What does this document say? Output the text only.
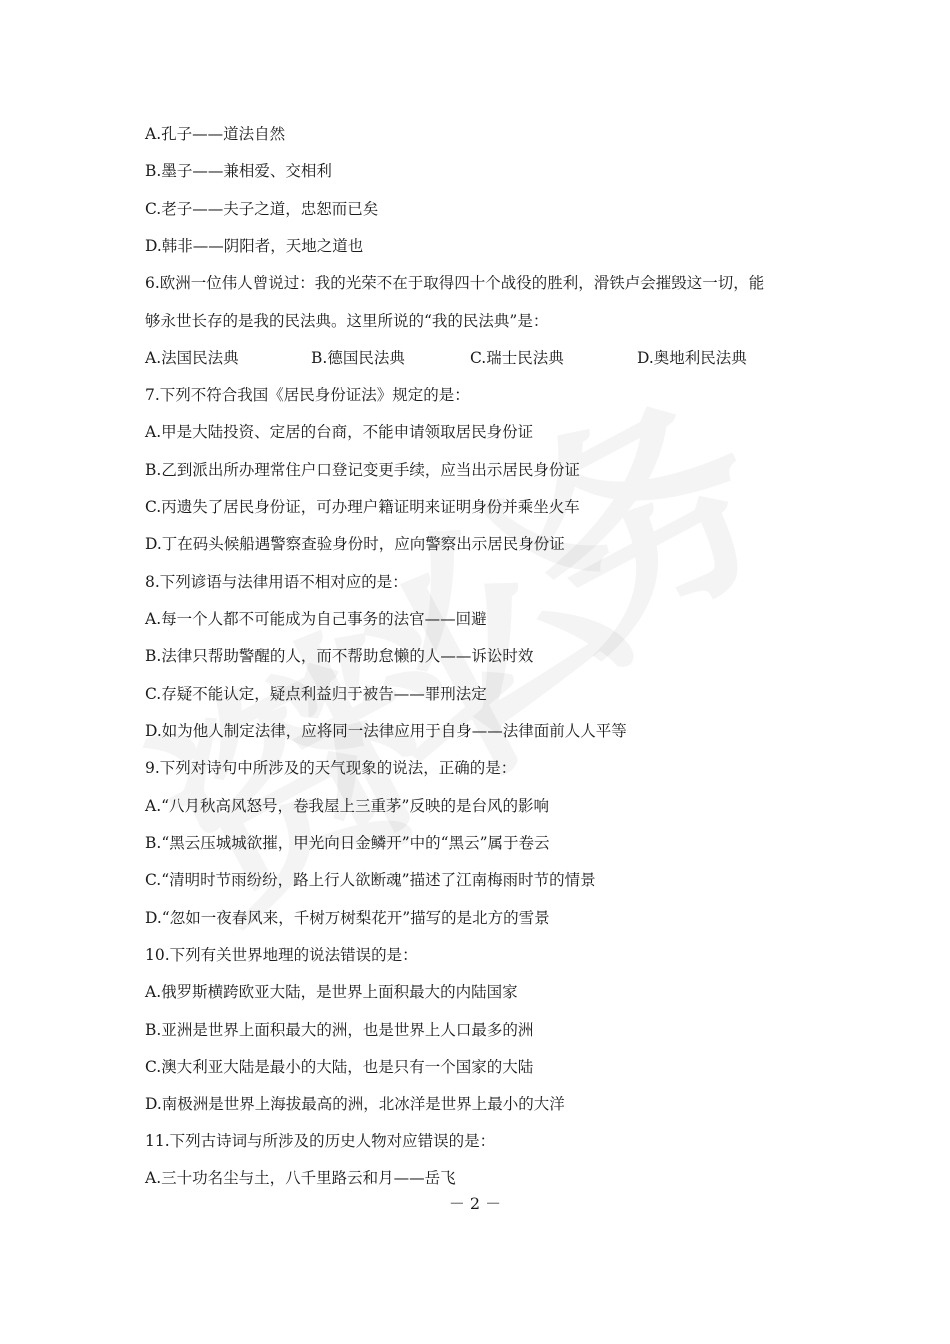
A.孔子——道法自然
B.墨子——兼相爱、交相利
C.老子——夫子之道，忠恕而已矣
D.韩非——阴阳者，天地之道也
6.欧洲一位伟人曾说过：我的光荣不在于取得四十个战役的胜利，滑铁卢会摧毁这一切，能
够永世长存的是我的民法典。这里所说的“我的民法典”是：
A.法国民法典	B.德国民法典	C.瑞士民法典	D.奥地利民法典
7.下列不符合我国《居民身份证法》规定的是：
A.甲是大陆投资、定居的台商，不能申请领取居民身份证
B.乙到派出所办理常住户口登记变更手续，应当出示居民身份证
C.丙遗失了居民身份证，可办理户籍证明来证明身份并乘坐火车
D.丁在码头候船遇警察查验身份时，应向警察出示居民身份证
8.下列谚语与法律用语不相对应的是：
A.每一个人都不可能成为自己事务的法官——回避
B.法律只帮助警醒的人，而不帮助怠懒的人——诉讼时效
C.存疑不能认定，疑点利益归于被告——罪刑法定
D.如为他人制定法律，应将同一法律应用于自身——法律面前人人平等
9.下列对诗句中所涉及的天气现象的说法，正确的是：
A.“八月秋高风怒号，卷我屋上三重茅”反映的是台风的影响
B.“黑云压城城欲摧，甲光向日金鳞开”中的“黑云”属于卷云
C.“清明时节雨纷纷，路上行人欲断魂”描述了江南梅雨时节的情景
D.“忽如一夜春风来，千树万树梨花开”描写的是北方的雪景
10.下列有关世界地理的说法错误的是：
A.俄罗斯横跨欧亚大陆，是世界上面积最大的内陆国家
B.亚洲是世界上面积最大的洲，也是世界上人口最多的洲
C.澳大利亚大陆是最小的大陆，也是只有一个国家的大陆
D.南极洲是世界上海拔最高的洲，北冰洋是世界上最小的大洋
11.下列古诗词与所涉及的历史人物对应错误的是：
A.三十功名尘与土，八千里路云和月——岳飞
－ 2 －
